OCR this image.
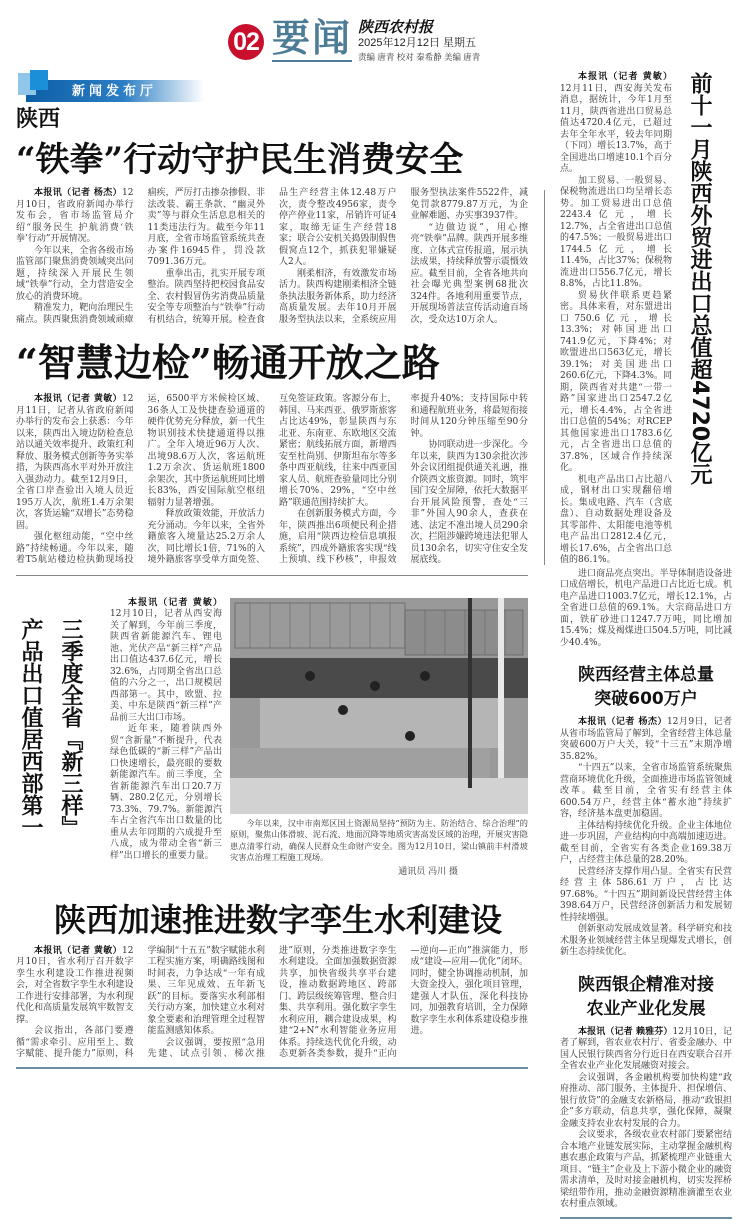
02 要闻 陕西农村报
2025年12月12日 星期五
责编 唐青 校对 秦希静 美编 唐青
新闻发布厅
陕西
“铁拳”行动守护民生消费安全

本报讯（记者 杨杰）12月10日，省政府新闻办举行发布会，省市场监管局介绍“服务民生 护航消费‘铁拳’行动”开展情况。

今年以来，全省各级市场监管部门聚焦消费领域突出问题，持续深入开展民生领域“铁拳”行动，全力营造安全放心的消费环境。

精准发力，靶向治理民生痛点。陕西聚焦消费领域顽瘴痼疾，严厉打击掺杂掺假、非法改装、霸王条款、“幽灵外卖”等与群众生活息息相关的11类违法行为。截至今年11月底，全省市场监管系统共查办案件16945件，罚没款7091.36万元。

重拳出击，扎实开展专项整治。陕西坚持把校园食品安全、农村假冒伪劣消费品质量安全等专项整治与“铁拳”行动有机结合，统筹开展。检查食品生产经营主体12.48万户次，责令整改4956家，责令停产停业11家，吊销许可证4家，取缔无证生产经营18家；联合公安机关捣毁制假售假窝点12个，抓获犯罪嫌疑人2人。

刚柔相济，有效激发市场活力。陕西构建刚柔相济全链条执法服务新体系，助力经济高质量发展。去年10月开展服务型执法以来，全系统应用服务型执法案件5522件，减免罚款8779.87万元，为企业解难题、办实事3937件。

“边做边说”，用心擦亮“铁拳”品牌。陕西开展多维度、立体式宣传报道，展示执法成果，持续释放警示震慑效应。截至目前，全省各地共向社会曝光典型案例68批次324件。各地利用重要节点，开展现场普法宣传活动逾百场次，受众达10万余人。

“智慧边检”畅通开放之路

本报讯（记者 黄敏）12月11日，记者从省政府新闻办举行的发布会上获悉：今年以来，陕西出入境边防检查总站以通关效率提升、政策红利释放、服务模式创新等务实举措，为陕西高水平对外开放注入强劲动力。截至12月9日，全省口岸查验出入境人员近195万人次，航班1.4万余架次，客货运输“双增长”态势稳固。

强化枢纽动能，“空中丝路”持续畅通。今年以来，随着T5航站楼边检执勤现场投运，6500平方米候检区域、36条人工及快捷查验通道的硬件优势充分释放，新一代生物识别技术快捷通道得以推广。全年入境近96万人次、出境98.6万人次，客运航班1.2万余次、货运航班1800余架次，其中货运航班同比增长83%，西安国际航空枢纽辐射力显著增强。

释放政策效能，开放活力充分涌动。今年以来，全省外籍旅客入境量达25.2万余人次，同比增长1倍，71%的入境外籍旅客享受单方面免签、互免签证政策。客源分布上，韩国、马来西亚、俄罗斯旅客占比达49%，彰显陕西与东北亚、东南亚、东欧地区交流紧密；航线拓展方面，新增西安至杜尚别、伊斯坦布尔等多条中西亚航线，往来中西亚国家人员、航班查验量同比分别增长70%、29%，“空中丝路”联通范围持续扩大。

在创新服务模式方面，今年，陕西推出6项便民利企措施，启用“陕西边检信息填报系统”，四成外籍旅客实现“线上预填、线下秒核”，申报效率提升40%；支持国际中转和通程航班业务，将最短衔接时间从120分钟压缩至90分钟。

协同联动进一步深化。今年以来，陕西为130余批次涉外会议团组提供通关礼遇，推介陕西文旅资源。同时，筑牢国门安全屏障，依托大数据平台开展风险预警，查处“三非”外国人90余人，查获在逃、法定不准出境人员290余次，拦阻涉嫌跨境违法犯罪人员130余名，切实守住安全发展底线。

三季度全省『新三样』
产品出口值居西部第一

本报讯（记者 黄敏）12月10日，记者从西安海关了解到，今年前三季度，陕西省新能源汽车、锂电池、光伏产品“新三样”产品出口值达437.6亿元，增长32.6%，占同期全省出口总值的六分之一，出口规模居西部第一。其中，欧盟、拉美、中东是陕西“新三样”产品前三大出口市场。

近年来，随着陕西外贸“含新量”不断提升，代表绿色低碳的“新三样”产品出口快速增长，最亮眼的要数新能源汽车。前三季度，全省新能源汽车出口20.7万辆、280.2亿元，分别增长73.3%、79.7%。新能源汽车占全省汽车出口数量的比重从去年同期的六成提升至八成，成为带动全省“新三样”出口增长的重要力量。

今年以来，汉中市南郑区国土资源局坚持“预防为主、防治结合、综合治理”的原则，聚焦山体滑坡、泥石流、地面沉降等地质灾害高发区域的治理，开展灾害隐患点清零行动，确保人民群众生命财产安全。图为12月10日，梁山镇前丰村滑坡灾害点治理工程施工现场。

通讯员 冯川 摄
陕西加速推进数字孪生水利建设

本报讯（记者 黄敏）12月10日，省水利厅召开数字孪生水利建设工作推进视频会，对全省数字孪生水利建设工作进行安排部署，为水利现代化和高质量发展筑牢数智支撑。

会议指出，各部门要遵循“需求牵引、应用至上、数字赋能、提升能力”原则，科学编制“十五五”数字赋能水利工程实施方案，明确路线图和时间表，力争达成“一年有成果、三年见成效、五年新飞跃”的目标。要落实水利部相关行动方案，加快建立水利对象全要素和治理管理全过程智能监测感知体系。

会议强调，要按照“急用先建、试点引领、梯次推进”原则，分类推进数字孪生水利建设。全面加强数据资源共享，加快省级共享平台建设，推动数据跨地区、跨部门、跨层级统筹管理、整合归集、共享利用。强化数字孪生水利应用，耦合建设成果，构建“2+N”水利智能业务应用体系。持续迭代优化升级，动态更新各类参数，提升“正向—逆向—正向”推演能力，形成“建设—应用—优化”闭环。同时，健全协调推动机制，加大资金投入，强化项目管理，建强人才队伍，深化科技协同，加强教育培训，全力保障数字孪生水利体系建设稳步推进。

本报讯（记者 黄敏）12月11日，西安海关发布消息，据统计，今年1月至11月，陕西省进出口贸易总值达4720.4亿元，已超过去年全年水平，较去年同期（下同）增长13.7%，高于全国进出口增速10.1个百分点。

加工贸易、一般贸易、保税物流进出口均呈增长态势。加工贸易进出口总值2243.4亿元，增长12.7%，占全省进出口总值的47.5%；一般贸易进出口1744.5亿元，增长11.4%，占比37%；保税物流进出口556.7亿元，增长8.8%，占比11.8%。

贸易伙伴联系更趋紧密。具体来看，对东盟进出口750.6亿元，增长13.3%；对韩国进出口741.9亿元，下降4%；对欧盟进出口563亿元，增长39.1%；对美国进出口260.6亿元，下降4.3%。同期，陕西省对共建“一带一路”国家进出口2547.2亿元，增长4.4%，占全省进出口总值的54%；对RCEP其他国家进出口1783.6亿元，占全省进出口总值的37.8%，区域合作持续深化。

机电产品出口占比超八成，钢材出口实现翻倍增长。集成电路、汽车（含底盘）、自动数据处理设备及其零部件、太阳能电池等机电产品出口2812.4亿元，增长17.6%，占全省出口总值的86.1%。

前十一月陕西外贸进出口总值超4720亿元

进口商品亮点突出。半导体制造设备进口成倍增长，机电产品进口占比近七成。机电产品进口1003.7亿元，增长12.1%，占全省进口总值的69.1%。大宗商品进口方面，铁矿砂进口1247.7万吨，同比增加15.4%；煤及褐煤进口504.5万吨，同比减少40.4%。

陕西经营主体总量
突破600万户

本报讯（记者 杨杰）12月9日，记者从省市场监管局了解到，全省经营主体总量突破600万户大关，较“十三五”末期净增35.82%。

“十四五”以来，全省市场监管系统聚焦营商环境优化升级，全面推进市场监管领域改革。截至目前，全省实有经营主体600.54万户，经营主体“蓄水池”持续扩容，经济基本盘更加稳固。

主体结构持续优化升级。企业主体地位进一步巩固，产业结构向中高端加速迈进。截至目前，全省实有各类企业169.38万户，占经营主体总量的28.20%。

民营经济支撑作用凸显。全省实有民营经营主体586.61万户，占比达97.68%。“十四五”期间新设民营经营主体398.64万户，民营经济创新活力和发展韧性持续增强。

创新驱动发展成效显著。科学研究和技术服务业领域经营主体呈现爆发式增长，创新生态持续优化。

陕西银企精准对接
农业产业化发展

本报讯（记者 赖雅芬）12月10日，记者了解到，省农业农村厅、省委金融办、中国人民银行陕西省分行近日在西安联合召开全省农业产业化发展融资对接会。

会议强调，各金融机构要加快构建“政府推动、部门服务、主体提升、担保增信、银行放贷”的金融支农新格局，推动“政银担企”多方联动，信息共享，强化保障，凝聚金融支持农业农村发展的合力。

会议要求，各级农业农村部门要紧密结合本地产业链发展实际，主动掌握金融机构惠农惠企政策与产品，抓紧梳理产业链重大项目、“链主”企业及上下游小微企业的融资需求清单，及时对接金融机构，切实发挥桥梁纽带作用，推动金融资源精准滴灌至农业农村重点领域。
